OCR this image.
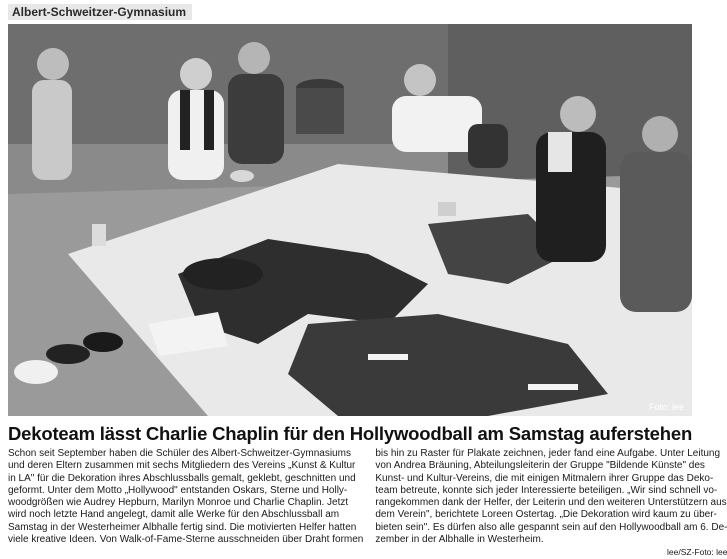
Albert-Schweitzer-Gymnasium
Foto: lee
Dekoteam lässt Charlie Chaplin für den Hollywoodball am Samstag auferstehen

Schon seit September haben die Schüler des Albert-Schweitzer-Gymnasiums

und deren Eltern zusammen mit sechs Mitgliedern des Vereins „Kunst & Kultur

in LA" für die Dekoration ihres Abschlussballs gemalt, geklebt, geschnitten und

geformt. Unter dem Motto „Hollywood" entstanden Oskars, Sterne und Holly-

woodgrößen wie Audrey Hepburn, Marilyn Monroe und Charlie Chaplin. Jetzt

wird noch letzte Hand angelegt, damit alle Werke für den Abschlussball am

Samstag in der Westerheimer Albhalle fertig sind. Die motivierten Helfer hatten

viele kreative Ideen. Von Walk-of-Fame-Sterne ausschneiden über Draht formen

bis hin zu Raster für Plakate zeichnen, jeder fand eine Aufgabe. Unter Leitung

von Andrea Bräuning, Abteilungsleiterin der Gruppe "Bildende Künste" des

Kunst- und Kultur-Vereins, die mit einigen Mitmalern ihrer Gruppe das Deko-

team betreute, konnte sich jeder Interessierte beteiligen. „Wir sind schnell vo-

rangekommen dank der Helfer, der Leiterin und den weiteren Unterstützern aus

dem Verein", berichtete Loreen Ostertag. „Die Dekoration wird kaum zu über-

bieten sein". Es dürfen also alle gespannt sein auf den Hollywoodball am 6. De-

zember in der Albhalle in Westerheim.

lee/SZ-Foto: lee
